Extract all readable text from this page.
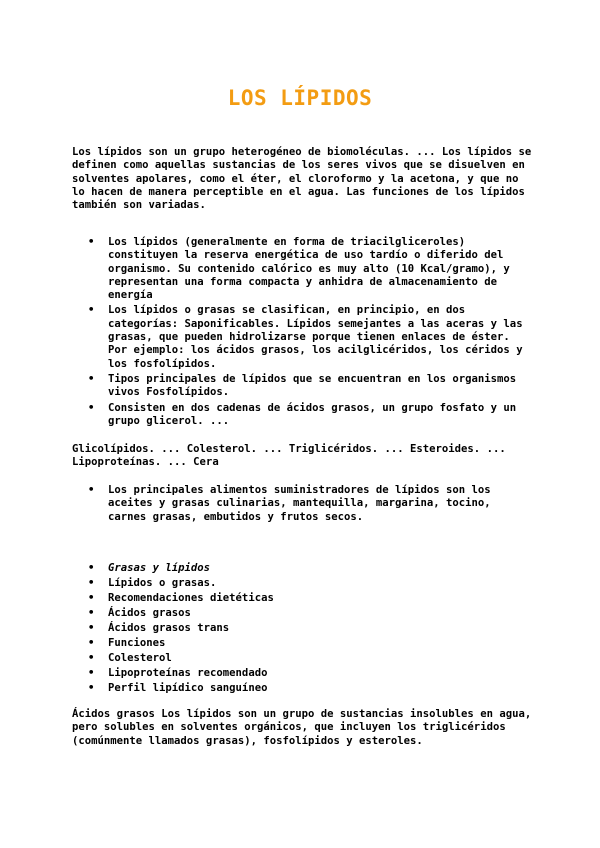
LOS LÍPIDOS

Los lípidos son un grupo heterogéneo de biomoléculas. ... Los lípidos se definen como aquellas sustancias de los seres vivos que se disuelven en solventes apolares, como el éter, el cloroformo y la acetona, y que no lo hacen de manera perceptible en el agua. Las funciones de los lípidos también son variadas.

• Los lípidos (generalmente en forma de triacilgliceroles) constituyen la reserva energética de uso tardío o diferido del organismo. Su contenido calórico es muy alto (10 Kcal/gramo), y representan una forma compacta y anhidra de almacenamiento de energía
• Los lípidos o grasas se clasifican, en principio, en dos categorías: Saponificables. Lípidos semejantes a las aceras y las grasas, que pueden hidrolizarse porque tienen enlaces de éster. Por ejemplo: los ácidos grasos, los acilglicéridos, los céridos y los fosfolípidos.
• Tipos principales de lípidos que se encuentran en los organismos vivos Fosfolípidos.
• Consisten en dos cadenas de ácidos grasos, un grupo fosfato y un grupo glicerol. ...

Glicolípidos. ... Colesterol. ... Triglicéridos. ... Esteroides. ... Lipoproteínas. ... Cera

• Los principales alimentos suministradores de lípidos son los aceites y grasas culinarias, mantequilla, margarina, tocino, carnes grasas, embutidos y frutos secos.
• Grasas y lípidos
• Lípidos o grasas.
• Recomendaciones dietéticas
• Ácidos grasos
• Ácidos grasos trans
• Funciones
• Colesterol
• Lipoproteínas recomendado
• Perfil lipídico sanguíneo

Ácidos grasos Los lípidos son un grupo de sustancias insolubles en agua, pero solubles en solventes orgánicos, que incluyen los triglicéridos (comúnmente llamados grasas), fosfolípidos y esteroles.
